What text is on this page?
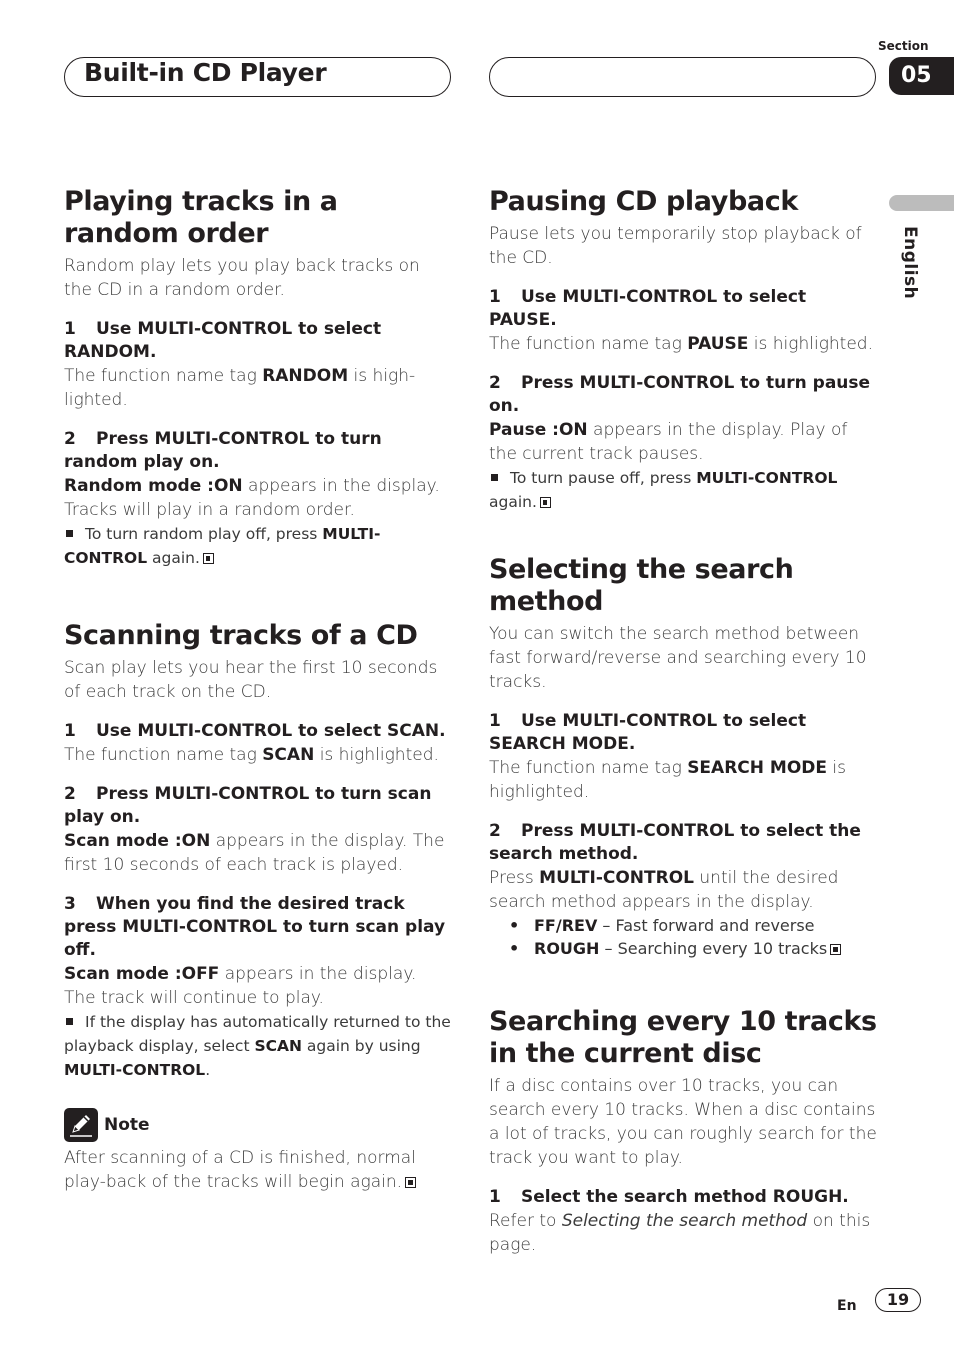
Built-in CD Player
Section
05
English
Playing tracks in a random order

Random play lets you play back tracks on the CD in a random order.

1 Use MULTI-CONTROL to select RANDOM.

The function name tag RANDOM is high-lighted.

2 Press MULTI-CONTROL to turn random play on.

Random mode :ON appears in the display. Tracks will play in a random order.

To turn random play off, press MULTI-CONTROL again.

Scanning tracks of a CD

Scan play lets you hear the first 10 seconds of each track on the CD.

1 Use MULTI-CONTROL to select SCAN.

The function name tag SCAN is highlighted.

2 Press MULTI-CONTROL to turn scan play on.

Scan mode :ON appears in the display. The first 10 seconds of each track is played.

3 When you find the desired track press MULTI-CONTROL to turn scan play off.

Scan mode :OFF appears in the display. The track will continue to play.

If the display has automatically returned to the playback display, select SCAN again by using MULTI-CONTROL.

Note

After scanning of a CD is finished, normal play-back of the tracks will begin again.

Pausing CD playback

Pause lets you temporarily stop playback of the CD.

1 Use MULTI-CONTROL to select PAUSE.

The function name tag PAUSE is highlighted.

2 Press MULTI-CONTROL to turn pause on.

Pause :ON appears in the display. Play of the current track pauses.

To turn pause off, press MULTI-CONTROL again.

Selecting the search method

You can switch the search method between fast forward/reverse and searching every 10 tracks.

1 Use MULTI-CONTROL to select SEARCH MODE.

The function name tag SEARCH MODE is highlighted.

2 Press MULTI-CONTROL to select the search method.

Press MULTI-CONTROL until the desired search method appears in the display.

• FF/REV – Fast forward and reverse

• ROUGH – Searching every 10 tracks

Searching every 10 tracks in the current disc

If a disc contains over 10 tracks, you can search every 10 tracks. When a disc contains a lot of tracks, you can roughly search for the track you want to play.

1 Select the search method ROUGH.

Refer to Selecting the search method on this page.

En	19
